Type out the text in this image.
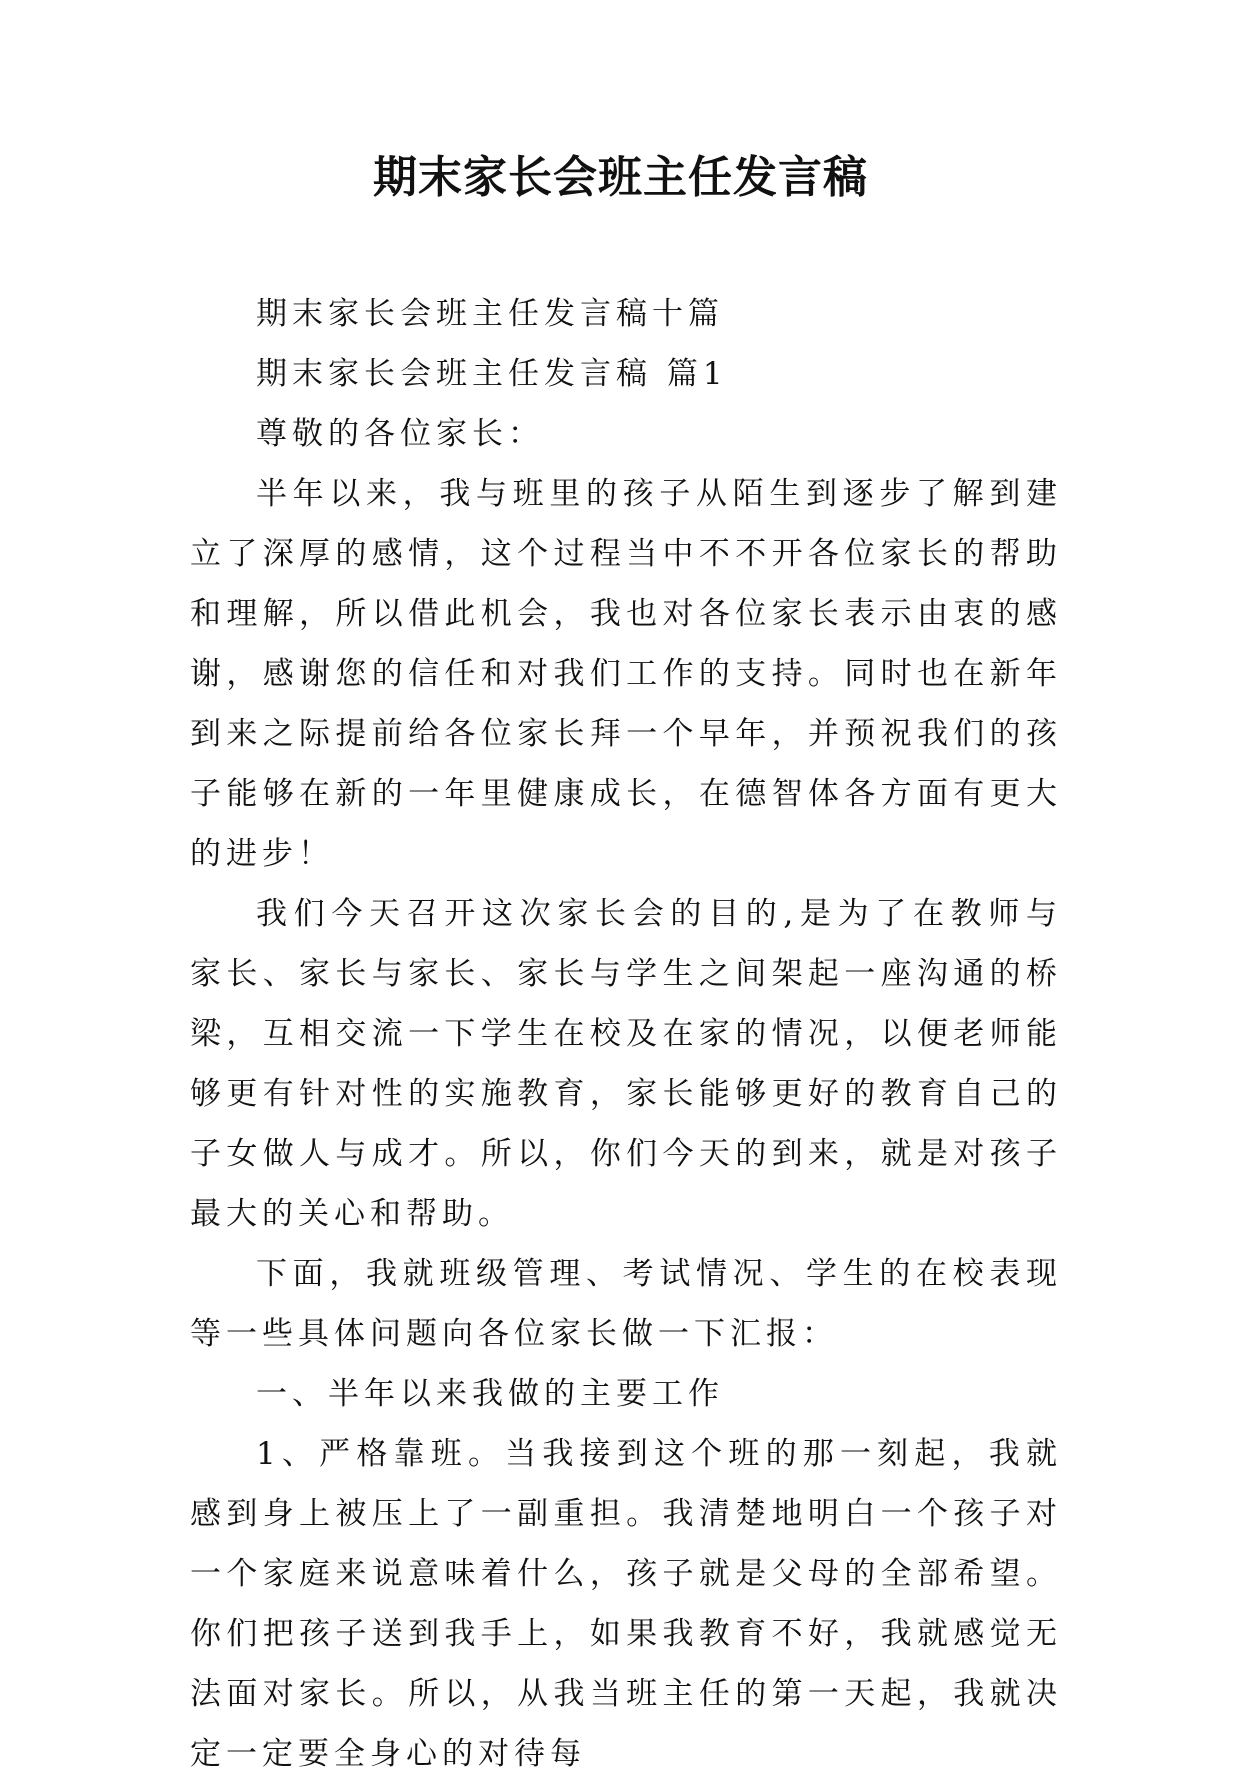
期末家长会班主任发言稿

期末家长会班主任发言稿十篇

期末家长会班主任发言稿 篇1

尊敬的各位家长：

半年以来，我与班里的孩子从陌生到逐步了解到建立了深厚的感情，这个过程当中不不开各位家长的帮助和理解，所以借此机会，我也对各位家长表示由衷的感谢，感谢您的信任和对我们工作的支持。同时也在新年到来之际提前给各位家长拜一个早年，并预祝我们的孩子能够在新的一年里健康成长，在德智体各方面有更大的进步！

我们今天召开这次家长会的目的,是为了在教师与家长、家长与家长、家长与学生之间架起一座沟通的桥梁，互相交流一下学生在校及在家的情况，以便老师能够更有针对性的实施教育，家长能够更好的教育自己的子女做人与成才。所以，你们今天的到来，就是对孩子最大的关心和帮助。

下面，我就班级管理、考试情况、学生的在校表现等一些具体问题向各位家长做一下汇报：

一、半年以来我做的主要工作

1、严格靠班。当我接到这个班的那一刻起，我就感到身上被压上了一副重担。我清楚地明白一个孩子对一个家庭来说意味着什么，孩子就是父母的全部希望。你们把孩子送到我手上，如果我教育不好，我就感觉无法面对家长。所以，从我当班主任的第一天起，我就决定一定要全身心的对待每
